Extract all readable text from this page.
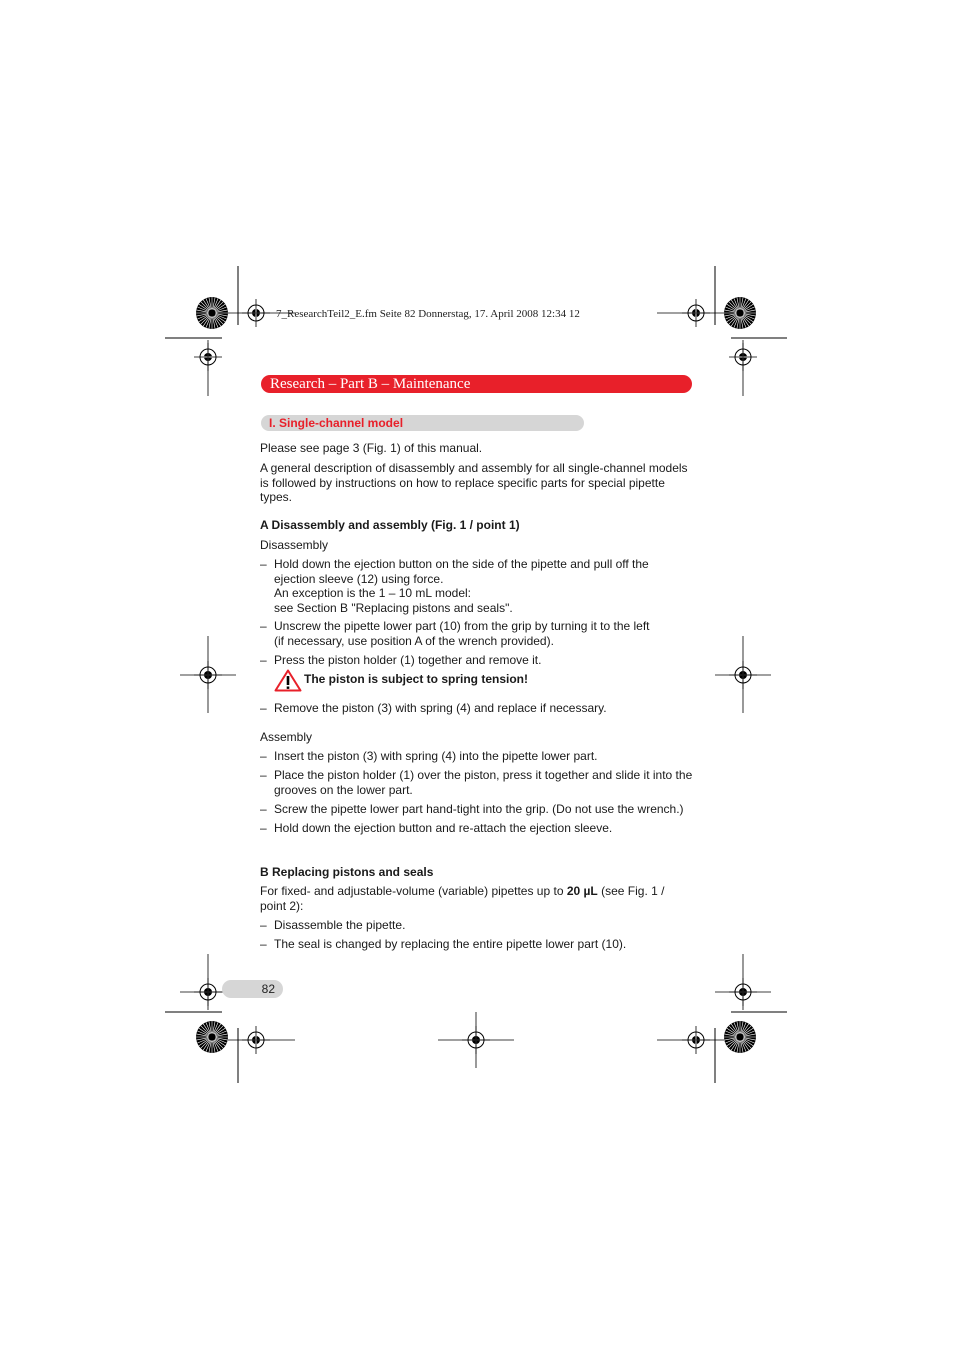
7_ResearchTeil2_E.fm Seite 82 Donnerstag, 17. April 2008 12:34 12
Research – Part B – Maintenance
I. Single-channel model
Please see page 3 (Fig. 1) of this manual.
A general description of disassembly and assembly for all single-channel models is followed by instructions on how to replace specific parts for special pipette types.
A Disassembly and assembly (Fig. 1 / point 1)
Disassembly
– Hold down the ejection button on the side of the pipette and pull off the ejection sleeve (12) using force.
An exception is the 1 – 10 mL model:
see Section B "Replacing pistons and seals".
– Unscrew the pipette lower part (10) from the grip by turning it to the left
(if necessary, use position A of the wrench provided).
– Press the piston holder (1) together and remove it.
The piston is subject to spring tension!
– Remove the piston (3) with spring (4) and replace if necessary.
Assembly
– Insert the piston (3) with spring (4) into the pipette lower part.
– Place the piston holder (1) over the piston, press it together and slide it into the grooves on the lower part.
– Screw the pipette lower part hand-tight into the grip. (Do not use the wrench.)
– Hold down the ejection button and re-attach the ejection sleeve.
B Replacing pistons and seals
For fixed- and adjustable-volume (variable) pipettes up to 20 µL (see Fig. 1 / point 2):
– Disassemble the pipette.
– The seal is changed by replacing the entire pipette lower part (10).
82
